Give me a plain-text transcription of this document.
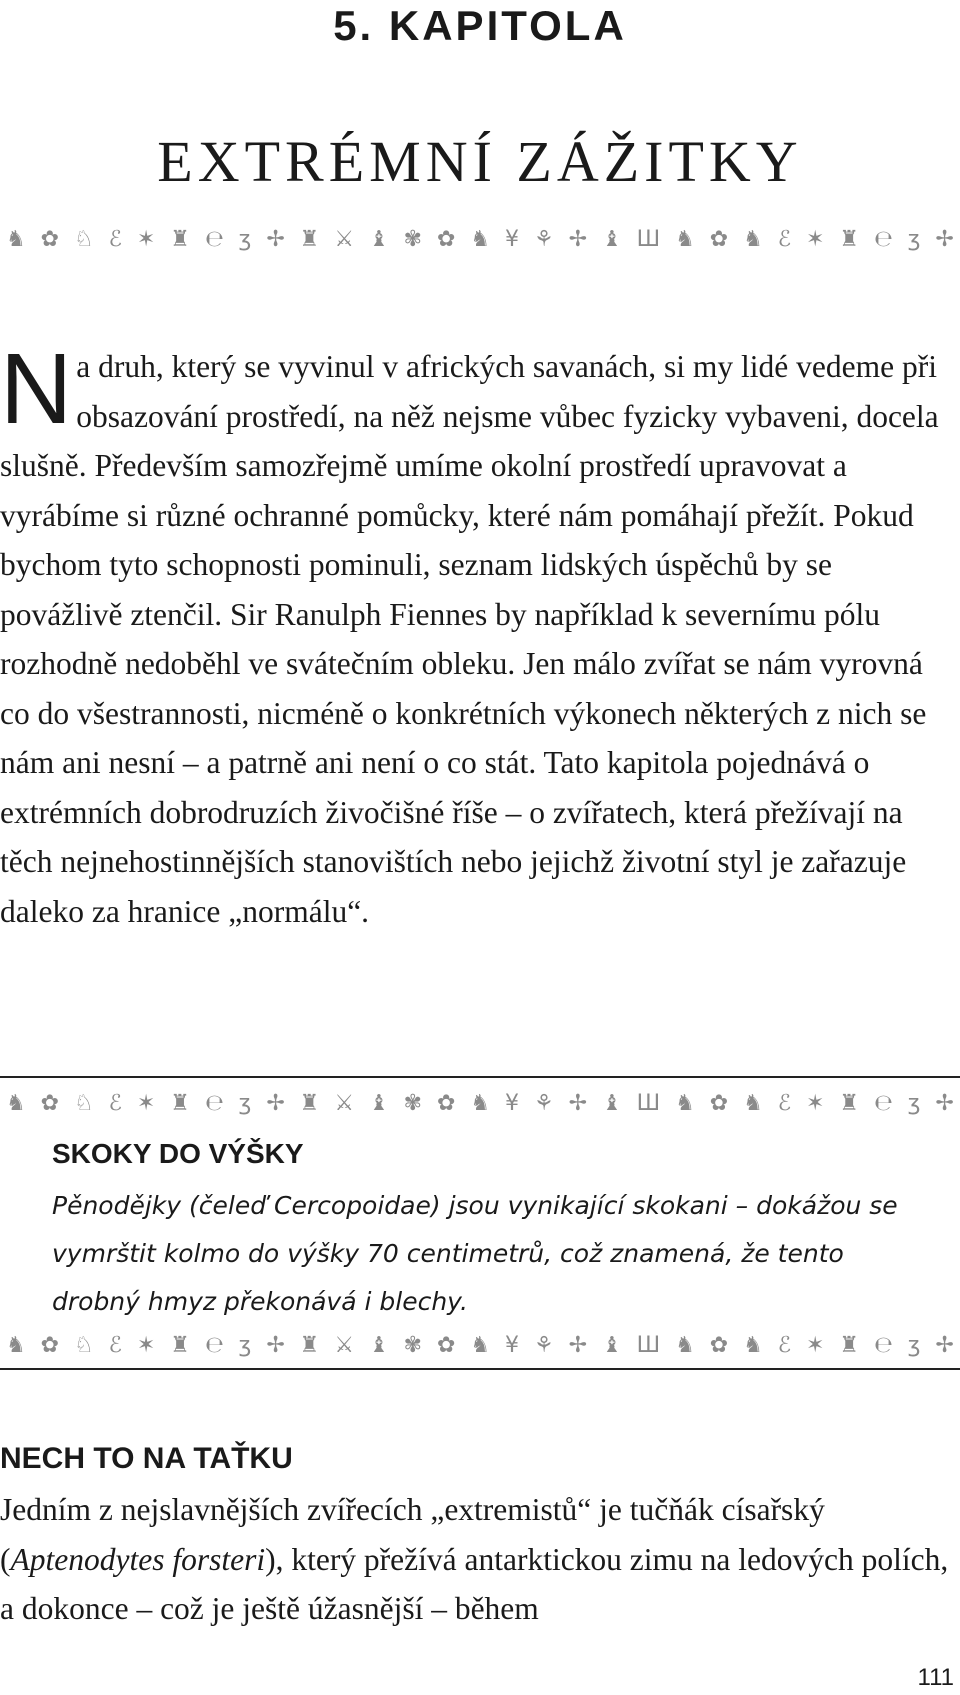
5. KAPITOLA
EXTRÉMNÍ ZÁŽITKY
♞ ✿ ♘ ℰ ✶ ♜ ℮ ʒ ✢ ♜ ⚔ ♝ ✾ ✿ ♞ ¥ ⚘ ✢ ♝ Ш ♞ ✿ ♞ ℰ ✶ ♜ ℮ ʒ ✢
Na druh, který se vyvinul v afrických savanách, si my lidé vedeme při obsazování prostředí, na něž nejsme vůbec fyzicky vybaveni, docela slušně. Především samozřejmě umíme okolní prostředí upravovat a vyrábíme si různé ochranné pomůcky, které nám pomáhají přežít. Pokud bychom tyto schopnosti pominuli, seznam lidských úspěchů by se povážlivě ztenčil. Sir Ranulph Fiennes by například k severnímu pólu rozhodně nedoběhl ve svátečním obleku. Jen málo zvířat se nám vyrovná co do všestrannosti, nicméně o konkrétních výkonech některých z nich se nám ani nesní – a patrně ani není o co stát. Tato kapitola pojednává o extrémních dobrodruzích živočišné říše – o zvířatech, která přežívají na těch nejnehostinnějších stanovištích nebo jejichž životní styl je zařazuje daleko za hranice „normálu“.
♞ ✿ ♘ ℰ ✶ ♜ ℮ ʒ ✢ ♜ ⚔ ♝ ✾ ✿ ♞ ¥ ⚘ ✢ ♝ Ш ♞ ✿ ♞ ℰ ✶ ♜ ℮ ʒ ✢
SKOKY DO VÝŠKY
Pěnodějky (čeleď Cercopoidae) jsou vynikající skokani – dokážou se vymrštit kolmo do výšky 70 centimetrů, což znamená, že tento drobný hmyz překonává i blechy.
♞ ✿ ♘ ℰ ✶ ♜ ℮ ʒ ✢ ♜ ⚔ ♝ ✾ ✿ ♞ ¥ ⚘ ✢ ♝ Ш ♞ ✿ ♞ ℰ ✶ ♜ ℮ ʒ ✢
NECH TO NA TAŤKU
Jedním z nejslavnějších zvířecích „extremistů“ je tučňák císařský (Aptenodytes forsteri), který přežívá antarktickou zimu na ledových polích, a dokonce – což je ještě úžasnější – během
111
